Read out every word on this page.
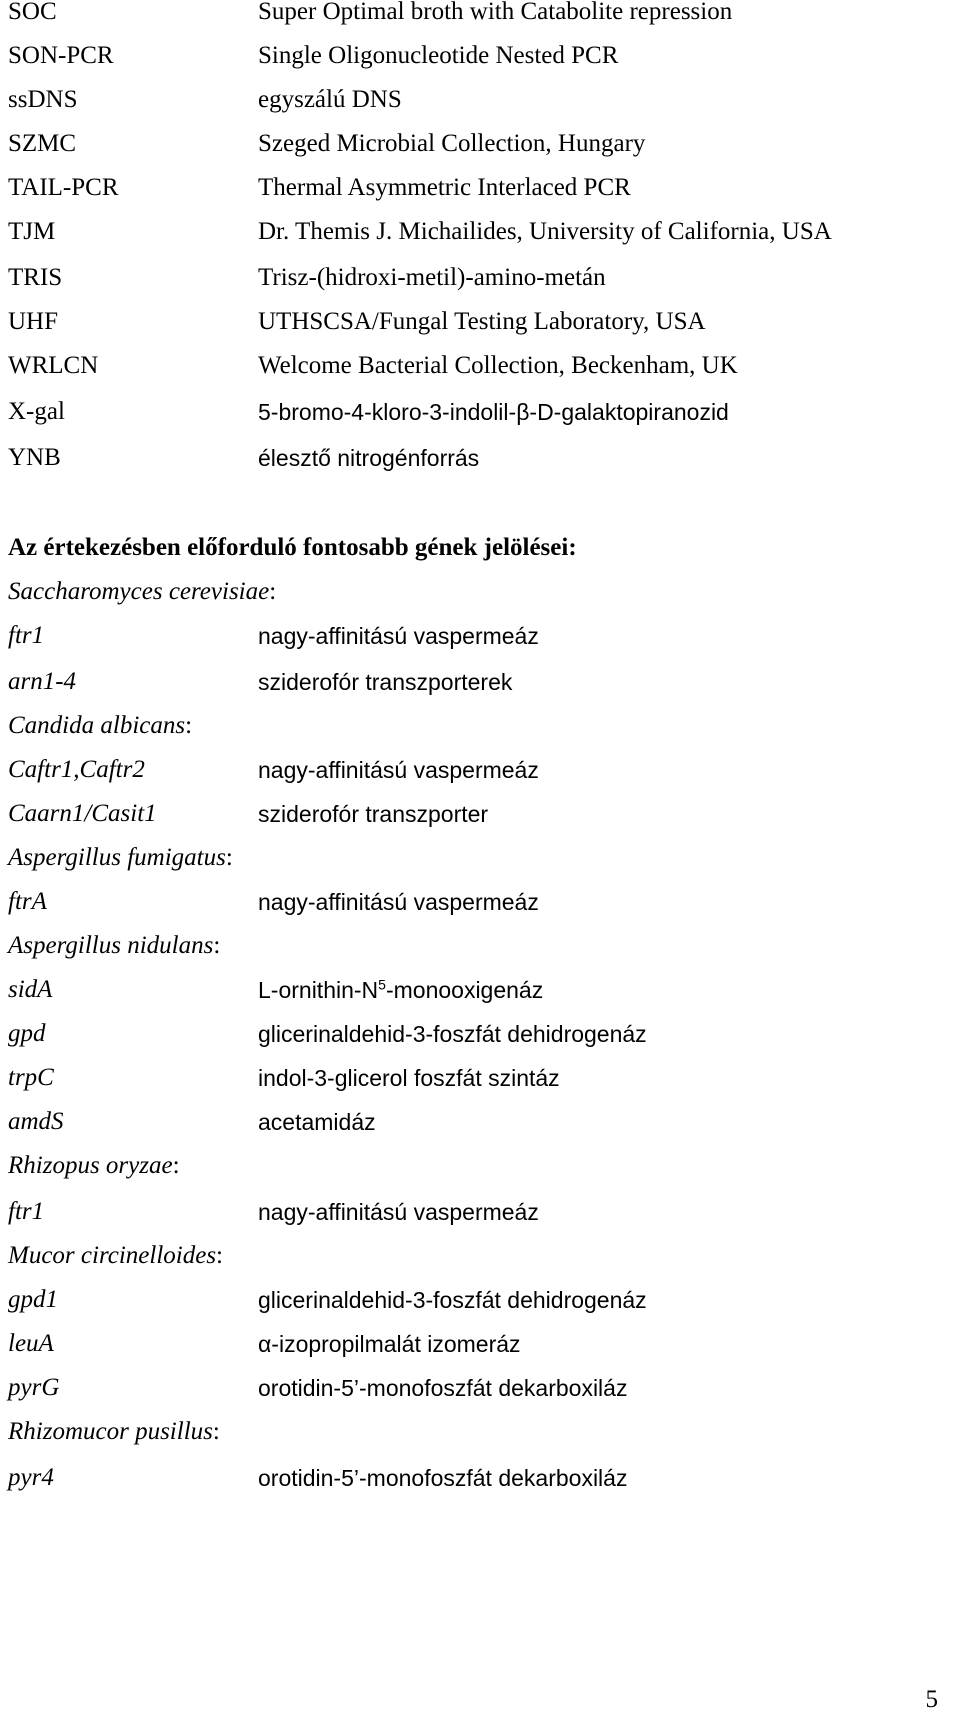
SOC	Super Optimal broth with Catabolite repression
SON-PCR	Single Oligonucleotide Nested PCR
ssDNS	egyszálú DNS
SZMC	Szeged Microbial Collection, Hungary
TAIL-PCR	Thermal Asymmetric Interlaced PCR
TJM	Dr. Themis J. Michailides, University of California, USA
TRIS	Trisz-(hidroxi-metil)-amino-metán
UHF	UTHSCSA/Fungal Testing Laboratory, USA
WRLCN	Welcome Bacterial Collection, Beckenham, UK
X-gal	5-bromo-4-kloro-3-indolil-β-D-galaktopiranozid
YNB	élesztő nitrogénforrás
Az értekezésben előforduló fontosabb gének jelölései:
Saccharomyces cerevisiae:
ftr1	nagy-affinitású vaspermeáz
arn1-4	sziderofór transzporterek
Candida albicans:
Caftr1,Caftr2	nagy-affinitású vaspermeáz
Caarn1/Casit1	sziderofór transzporter
Aspergillus fumigatus:
ftrA	nagy-affinitású vaspermeáz
Aspergillus nidulans:
sidA	$L-ornithin-N^5$-monooxigenáz
gpd	glicerinaldehid-3-foszfát dehidrogenáz
trpC	indol-3-glicerol foszfát szintáz
amdS	acetamidáz
Rhizopus oryzae:
ftr1	nagy-affinitású vaspermeáz
Mucor circinelloides:
gpd1	glicerinaldehid-3-foszfát dehidrogenáz
leuA	α-izopropilmalát izomeráz
pyrG	orotidin-5’-monofoszfát dekarboxiláz
Rhizomucor pusillus:
pyr4	orotidin-5’-monofoszfát dekarboxiláz
5
